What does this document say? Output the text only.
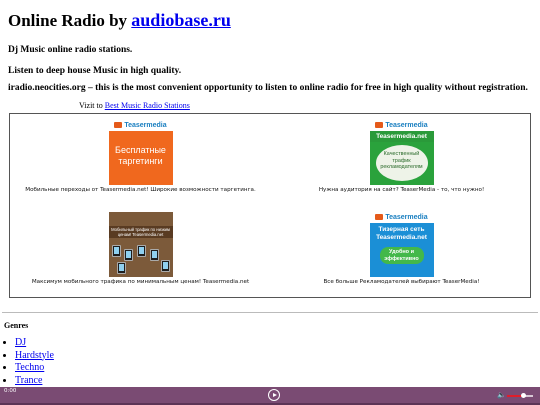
Online Radio by audiobase.ru

Dj Music online radio stations.

Listen to deep house Music in high quality.

iradio.neocities.org – this is the most convenient opportunity to listen to online radio for free in high quality without registration.

Vizit to Best Music Radio Stations
Teasermedia
Бесплатные таргетинги
Мобильные переходы от Teasermedia.net! Широкие возможности таргетинга.
Teasermedia
Teasermedia.net
Качественный трафик рекламодателям
Нужна аудитория на сайт? TeaserMedia - то, что нужно!
Мобильный трафик по низким ценам! Teasermedia.net
Максимум мобильного трафика по минимальным ценам! Teasermedia.net
Teasermedia
Тизерная сеть Teasermedia.net
Удобно и эффективно
Все больше Рекламодателей выбирают TeaserMedia!
Genres
• DJ
• Hardstyle
• Techno
• Trance
0:00	🔈
